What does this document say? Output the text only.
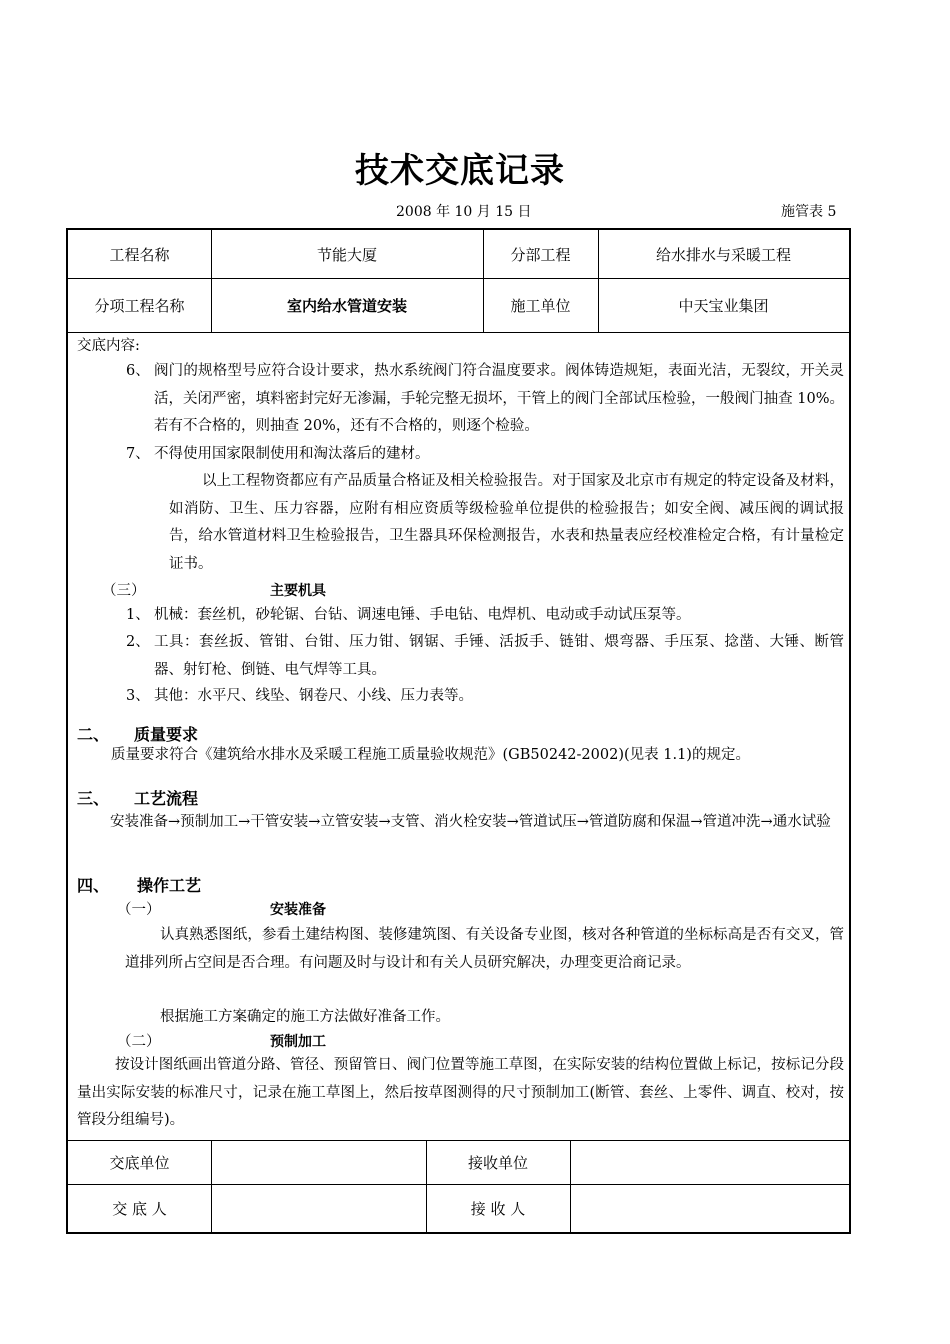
技术交底记录
2008 年 10 月 15 日	施管表 5
工程名称	节能大厦	分部工程	给水排水与采暖工程
分项工程名称	室内给水管道安装	施工单位	中天宝业集团
交底内容:
6、 阀门的规格型号应符合设计要求，热水系统阀门符合温度要求。阀体铸造规矩，表面光洁，无裂纹，开关灵活，关闭严密，填料密封完好无渗漏，手轮完整无损坏，干管上的阀门全部试压检验，一般阀门抽查 10%。若有不合格的，则抽查 20%，还有不合格的，则逐个检验。
7、 不得使用国家限制使用和淘汰落后的建材。
以上工程物资都应有产品质量合格证及相关检验报告。对于国家及北京市有规定的特定设备及材料，如消防、卫生、压力容器，应附有相应资质等级检验单位提供的检验报告；如安全阀、减压阀的调试报告，给水管道材料卫生检验报告，卫生器具环保检测报告，水表和热量表应经校准检定合格，有计量检定证书。
（三）	主要机具
1、 机械：套丝机，砂轮锯、台钻、调速电锤、手电钻、电焊机、电动或手动试压泵等。
2、 工具：套丝扳、管钳、台钳、压力钳、钢锯、手锤、活扳手、链钳、煨弯器、手压泵、捻凿、大锤、断管器、射钉枪、倒链、电气焊等工具。
3、 其他：水平尺、线坠、钢卷尺、小线、压力表等。
二、 质量要求
质量要求符合《建筑给水排水及采暖工程施工质量验收规范》(GB50242-2002)(见表 1.1)的规定。
三、 工艺流程
安装准备→预制加工→干管安装→立管安装→支管、消火栓安装→管道试压→管道防腐和保温→管道冲洗→通水试验
四、 操作工艺
（一）	安装准备
认真熟悉图纸，参看土建结构图、装修建筑图、有关设备专业图，核对各种管道的坐标标高是否有交叉，管道排列所占空间是否合理。有问题及时与设计和有关人员研究解决，办理变更洽商记录。
根据施工方案确定的施工方法做好准备工作。
（二）	预制加工
按设计图纸画出管道分路、管径、预留管日、阀门位置等施工草图，在实际安装的结构位置做上标记，按标记分段量出实际安装的标准尺寸，记录在施工草图上，然后按草图测得的尺寸预制加工(断管、套丝、上零件、调直、校对，按管段分组编号)。
交底单位	接收单位
交 底 人	接 收 人
